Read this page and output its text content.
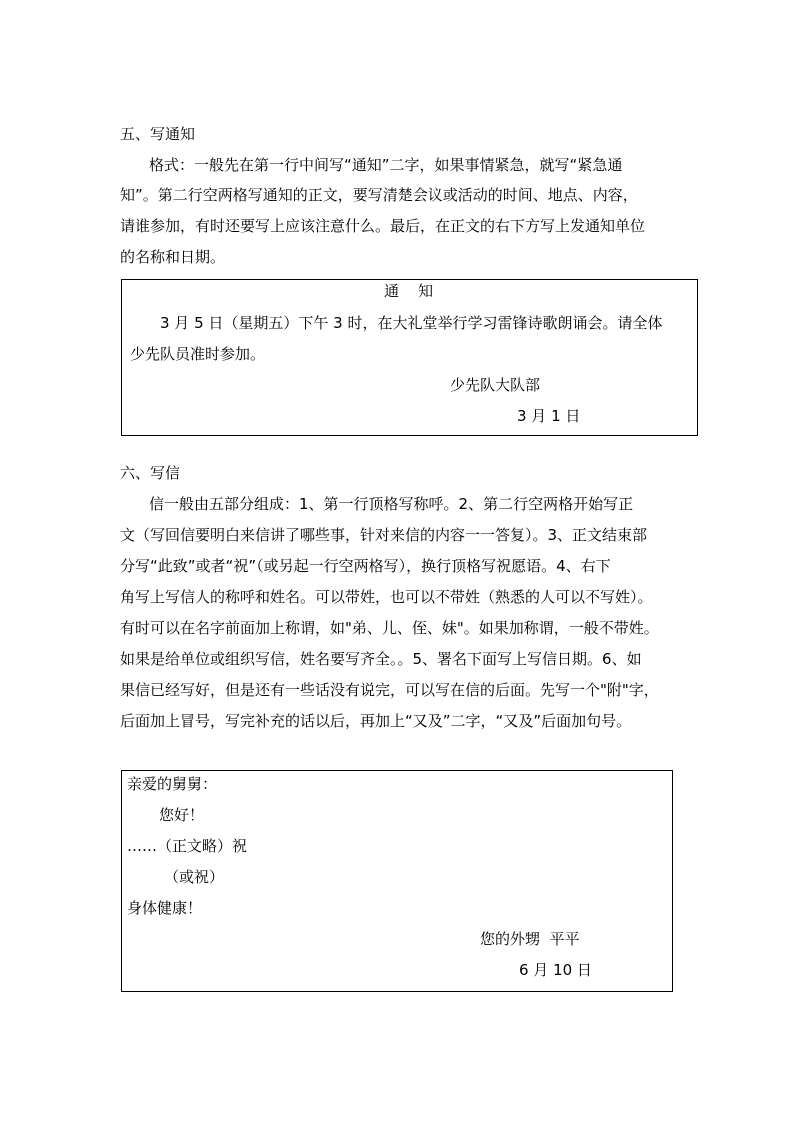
五、写通知
格式：一般先在第一行中间写“通知”二字，如果事情紧急，就写“紧急通
知”。第二行空两格写通知的正文，要写清楚会议或活动的时间、地点、内容，
请谁参加，有时还要写上应该注意什么。最后，在正文的右下方写上发通知单位
的名称和日期。
通    知
3 月 5 日（星期五）下午 3 时，在大礼堂举行学习雷锋诗歌朗诵会。请全体
少先队员准时参加。
少先队大队部
3 月 1 日
六、写信
信一般由五部分组成：1、第一行顶格写称呼。2、第二行空两格开始写正
文（写回信要明白来信讲了哪些事，针对来信的内容一一答复）。3、正文结束部
分写“此致”或者“祝”（或另起一行空两格写），换行顶格写祝愿语。4、右下
角写上写信人的称呼和姓名。可以带姓，也可以不带姓（熟悉的人可以不写姓）。
有时可以在名字前面加上称谓，如"弟、儿、侄、妹"。如果加称谓，一般不带姓。
如果是给单位或组织写信，姓名要写齐全。。5、署名下面写上写信日期。6、如
果信已经写好，但是还有一些话没有说完，可以写在信的后面。先写一个"附"字，
后面加上冒号，写完补充的话以后，再加上“又及”二字，“又及”后面加句号。
亲爱的舅舅：
您好！
……（正文略）祝
（或祝）
身体健康！
您的外甥  平平
6 月 10 日
